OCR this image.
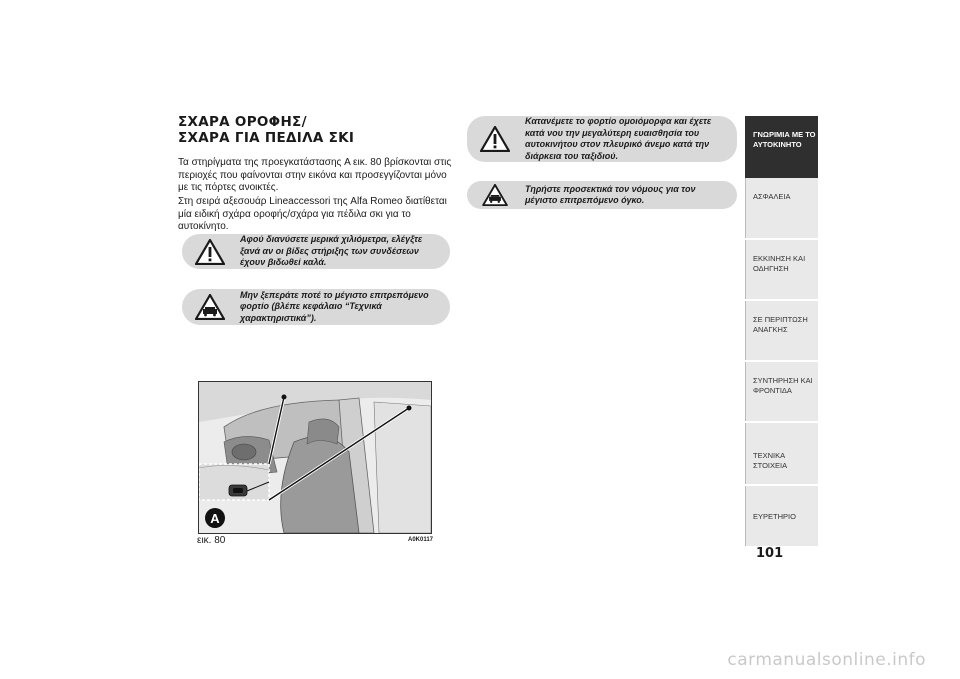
ΣΧΑΡΑ ΟΡΟΦΗΣ/
ΣΧΑΡΑ ΓΙΑ ΠΕΔΙΛΑ ΣΚΙ
Τα στηρίγματα της προεγκατάστασης A εικ. 80 βρίσκονται στις περιοχές που φαίνονται στην εικόνα και προσεγγίζονται μόνο με τις πόρτες ανοικτές.
Στη σειρά αξεσουάρ Lineaccessori της Alfa Romeo διατίθεται μία ειδική σχάρα οροφής/σχάρα για πέδιλα σκι για το αυτοκίνητο.
Αφού διανύσετε μερικά χιλιόμετρα, ελέγξτε ξανά αν οι βίδες στήριξης των συνδέσεων έχουν βιδωθεί καλά.
Μην ξεπεράτε ποτέ το μέγιστο επιτρεπόμενο φορτίο (βλέπε κεφάλαιο “Τεχνικά χαρακτηριστικά”).
Κατανέμετε το φορτίο ομοιόμορφα και έχετε κατά νου την μεγαλύτερη ευαισθησία του αυτοκινήτου στον πλευρικό άνεμο κατά την διάρκεια του ταξιδιού.
Τηρήστε προσεκτικά τον νόμους για τον μέγιστο επιτρεπόμενο όγκο.
A
εικ. 80	A0K0117
ΓΝΩΡΙΜΙΑ ΜΕ ΤΟ ΑΥΤΟΚΙΝΗΤΟ
ΑΣΦΑΛΕΙΑ
ΕΚΚΙΝΗΣΗ ΚΑΙ ΟΔΗΓΗΣΗ
ΣΕ ΠΕΡΙΠΤΩΣΗ ΑΝΑΓΚΗΣ
ΣΥΝΤΗΡΗΣΗ ΚΑΙ ΦΡΟΝΤΙΔΑ
ΤΕΧΝΙΚΑ ΣΤΟΙΧΕΙΑ
ΕΥΡΕΤΗΡΙΟ
101
carmanualsonline.info
